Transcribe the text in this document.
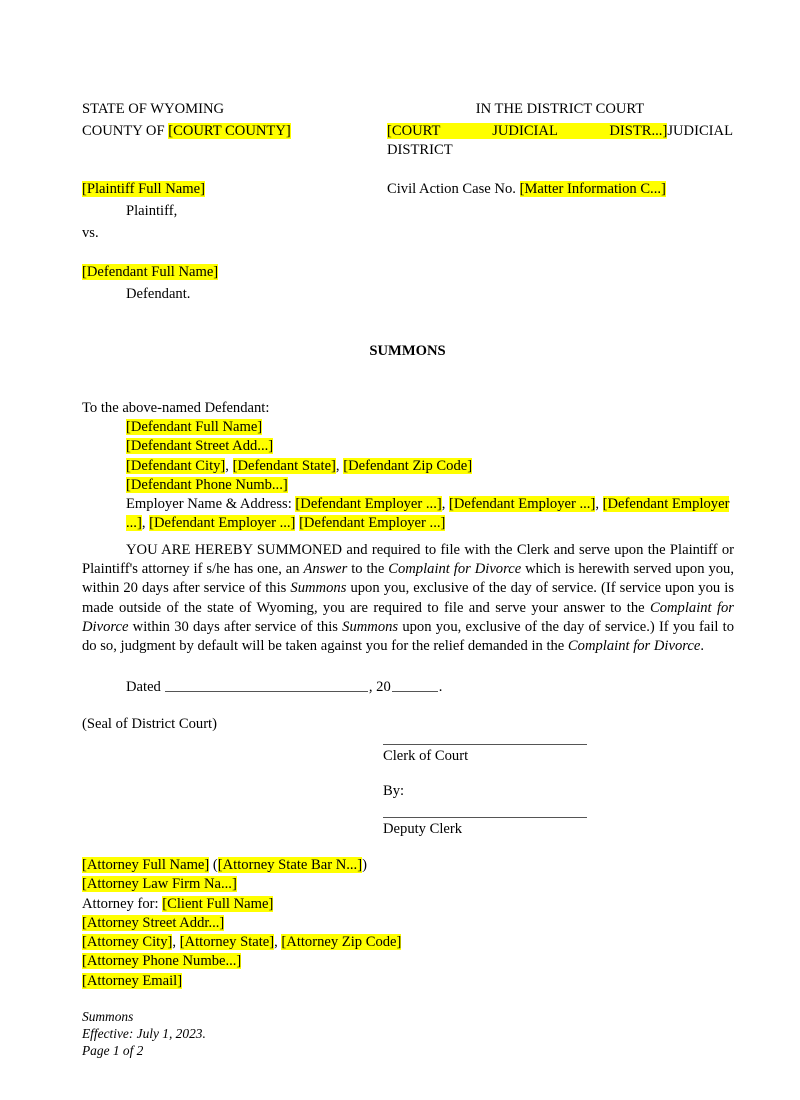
STATE OF WYOMING	IN THE DISTRICT COURT
COUNTY OF [COURT COUNTY]	[COURT JUDICIAL DISTR...]JUDICIAL
DISTRICT
[Plaintiff Full Name]	Civil Action Case No. [Matter Information C...]
Plaintiff,
vs.
[Defendant Full Name]
Defendant.
SUMMONS
To the above-named Defendant:
[Defendant Full Name]
[Defendant Street Add...]
[Defendant City], [Defendant State], [Defendant Zip Code]
[Defendant Phone Numb...]
Employer Name & Address: [Defendant Employer ...], [Defendant Employer ...], [Defendant Employer ...], [Defendant Employer ...] [Defendant Employer ...]
YOU ARE HEREBY SUMMONED and required to file with the Clerk and serve upon the Plaintiff or Plaintiff's attorney if s/he has one, an Answer to the Complaint for Divorce which is herewith served upon you, within 20 days after service of this Summons upon you, exclusive of the day of service. (If service upon you is made outside of the state of Wyoming, you are required to file and serve your answer to the Complaint for Divorce within 30 days after service of this Summons upon you, exclusive of the day of service.) If you fail to do so, judgment by default will be taken against you for the relief demanded in the Complaint for Divorce.
Dated	, 20	.
(Seal of District Court)
Clerk of Court
By:
Deputy Clerk
[Attorney Full Name] ([Attorney State Bar N...])
[Attorney Law Firm Na...]
Attorney for: [Client Full Name]
[Attorney Street Addr...]
[Attorney City], [Attorney State], [Attorney Zip Code]
[Attorney Phone Numbe...]
[Attorney Email]
Summons
Effective: July 1, 2023.
Page 1 of 2
